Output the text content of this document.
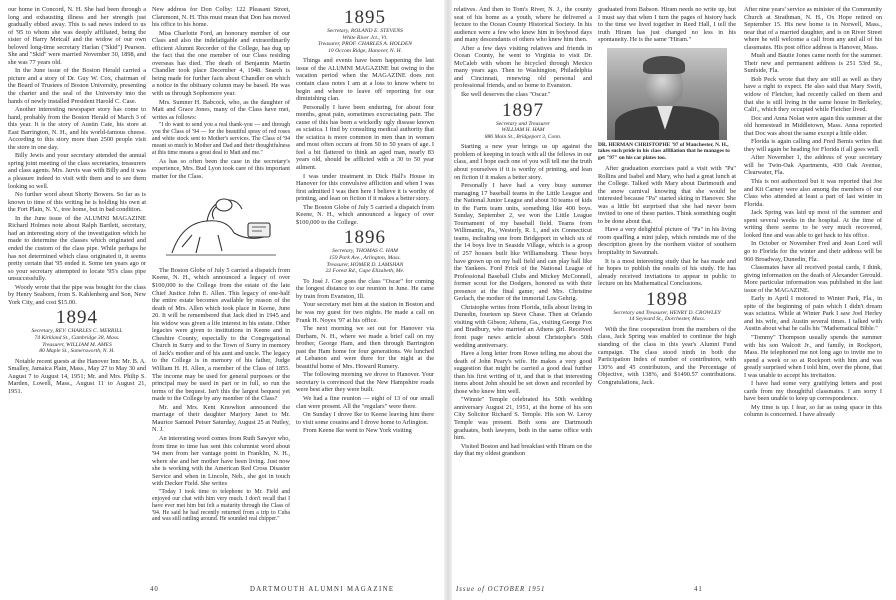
our home in Concord, N. H. She had been through a long and exhausting illness and her strength just gradually ebbed away. This is sad news indeed to us of '95 to whom she was deeply affiliated, being the sister of Harry Metcalf and the widow of our own beloved long-time secretary Harlan ("Skid") Pearson. She and "Skid" were married November 30, 1898, and she was 77 years old.

In the June issue of the Boston Herald carried a picture and a story of Dr. Guy W. Cox, chairman of the Board of Trustees of Boston University, presenting the charter and the seal of the University into the hands of newly installed President Harold C. Case.

Another interesting newspaper story has come to hand, probably from the Boston Herald of March 3 of this year. It is the story of Austin Cate, his store at East Barrington, N. H., and his world-famous cheese. According to this story more than 2500 people visit the store in one day.

Billy Jewis and your secretary attended the annual spring joint meeting of the class secretaries, treasurers and class agents. Mrs. Jarvis was with Billy and it was a pleasure indeed to visit with them and to see them looking so well.

No further word about Shorty Bowers. So far as is known to time of this writing he is holding his own at the Fort Plain, N. Y., tree home, but in bad condition.

In the June issue of the ALUMNI MAGAZINE Richard Holmes note about Ralph Bartlett, secretary, had an interesting story of the investigation which he made to determine the classes which originated and ended the custom of the class pipe. While perhaps he has not determined which class originated it, it seems pretty certain that '95 ended it. Some ten years ago or so your secretary attempted to locate '95's class pipe unsuccessfully.

Woody wrote that the pipe was bought for the class by Henry Seaborn, from S. Kahlenberg and Son, New York City, and cost $15.00.

1894
Secretary, REV. CHARLES C. MERRILL
74 Kirkland St., Cambridge 38, Mass.
Treasurer, WILLIAM M. AMES
80 Maple St., Somersworth, N. H.

Notable recent guests at the Hanover Inn: Mr. B. A. Smalley, Jamaica Plain, Mass., May 27 to May 30 and August 7 to August 14, 1951; Mr. and Mrs. Philip S. Marden, Lowell, Mass., August 11 to August 21, 1951.

New address for Don Colby: 122 Pleasant Street, Claremont, N. H. This must mean that Don has moved his office to his home.

Miss Charlotte Ford, an honorary member of our Class and also the indefatigable and extraordinarily efficient Alumni Recorder of the College, has dug up the fact that the one member of our Class residing overseas has died. The death of Benjamin Martin Chandler took place December 4, 1948. Search is being made for further facts about Chandler on which a notice in the obituary column may be based. He was with us through Sophomore year.

Mrs. Sumner H. Babcock, who, as the daughter of Matt and Grace Jones, many of the Class have met, writes as follows:

"I do want to send you a real thank-you — and through you the Class of '94 — for the beautiful spray of red roses and white stock sent to Mother's services. The Class of '94 meant so much to Mother and Dad and their thoughtfulness at this time means a great deal to Matt and me."

As has so often been the case in the secretary's experience, Mrs. Bud Lyon took care of this important matter for the Class.

The Boston Globe of July 5 carried a dispatch from Keene, N. H., which announced a legacy of over $100,000 to the College from the estate of the late Chief Justice John E. Allen. This legacy of one-half the entire estate becomes available by reason of the death of Mrs. Allen which took place in Keene, June 20. It will be remembered that Jack died in 1945 and his widow was given a life interest in his estate. Other legacies were given to institutions in Keene and in Cheshire County, especially to the Congregational Church in Surry and to the Town of Surry in memory of Jack's mother and of his aunt and uncle. The legacy to the College is in memory of his father, Judge William H. H. Allen, a member of the Class of 1855. The income may be used for general purposes or the principal may be used in part or in full, so run the terms of the bequest. Isn't this the largest bequest yet made to the College by any member of the Class?

Mr. and Mrs. Kent Knowlton announced the marriage of their daughter Marjory Janet to Mr. Maurice Samuel Peiser Saturday, August 25 at Nutley, N. J.

An interesting word comes from Ruth Sawyer who, from time to time has sent this columnist word about '94 men from her vantage point in Franklin, N. H., where she and her mother have been living. Just now she is working with the American Red Cross Disaster Service and when in Lincoln, Neb., she got in touch with Decker Field. She writes

"Today I took time to telephone to Mr. Field and enjoyed our chat with him very much. I don't recall that I have ever met him but felt a maturity through the Class of '94. He said he had recently returned from a trip to Cuba and was still rattling around. He sounded real chipper."

1895
Secretary, ROLAND E. STEVENS
White River Jct., Vt.
Treasurer, PROF. CHARLES A. HOLDEN
10 Occom Ridge, Hanover, N. H.

Things and events have been happening the last issue of the ALUMNI MAGAZINE but owing to the vacation period when the MAGAZINE does not contain class notes I am at a loss to know where to begin and where to leave off reporting for our diminishing clan.

Personally I have been enduring, for about four months, great pain, sometimes excruciating pain. The cause of this has been a wickedly ugly disease known as sciatica. I find by consulting medical authority that the sciatica is more common in men than in women and most often occurs at from 50 to 50 years of age. I feel a bit flattered to think an aged man, nearly 83 years old, should be afflicted with a 30 to 50 year ailment.

I was under treatment in Dick Hall's House in Hanover for this convulsive affliction and when I was first admitted I was then here I believe it is worthy of printing, and lean on fiction if it makes a better story.

The Boston Globe of July 5 carried a dispatch from Keene, N. H., which announced a legacy of over $100,000 to the College.

1896
Secretary, THOMAS C. HAM
159 Park Ave., Arlington, Mass.
Treasurer, HOMER D. LAMSHAN
22 Forest Rd., Cape Elizabeth, Me.

To José J. Coe goes the class "Oscar" for coming the longest distance to our reunion in June. He came by train from Evanston, Ill.

Your secretary met him at the station in Boston and he was my guest for two nights. He made a call on Frank H. Noyes '97 at his office.

The next morning we set out for Hanover via Durham, N. H., where we made a brief call on my brother, George Ham, and then through Barrington past the Ham home for four generations. We lunched at Lebanon and were there for the night at the beautiful home of Mrs. Howard Rumery.

The following morning we drove to Hanover. Your secretary is convinced that the New Hampshire roads were best after they were built.

We had a fine reunion — eight of 13 of our small clan were present. All the "regulars" were there.

On Sunday I drove Ike to Keene leaving him there to visit some cousins and I drove home to Arlington.

From Keene Ike went to New York visiting

40	DARTMOUTH ALUMNI MAGAZINE

relatives. And then to Tom's River, N. J., the county seat of his home as a youth, where he delivered a lecture to the Ocean County Historical Society. In his audience were a few who knew him in boyhood days and many descendants of others who knew him then.

After a few days visiting relatives and friends in Ocean County, he went to Virginia to visit Dr. McCaleb with whom he bicycled through Mexico many years ago. Then to Washington, Philadelphia and Cincinnati, renewing old personal and professional friends, and so home to Evanston.

Ike well deserves the class "Oscar."

1897
Secretary and Treasurer
WILLIAM H. HAM
886 Main St., Bridgeport 3, Conn.

Starting a new year brings us up against the problem of keeping in touch with all the fellows in our class, and I hope each one of you will tell me the truth about yourselves if it is worthy of printing, and lean on fiction if it makes a better story.

Personally I have had a very busy summer managing 17 baseball teams in the Little League and the National Junior League and about 30 teams of kids in the Farm team units, something like 400 boys. Sunday, September 2, we won the Little League Tournament of my baseball field. Teams from Willimantic, Pa., Westerly, R. I., and six Connecticut teams, including one from Bridgeport in which six of the 14 boys live in Seaside Village, which is a group of 257 houses built like Williamsburg. These boys have grown up on my ball field and can play ball like the Yankees. Ford Frick of the National League of Professional Baseball Clubs and Mickey McConnell, former scout for the Dodgers, honored us with their presence at the final game; and Mrs. Christine Gerlach, the mother of the immortal Lou Gehrig.

Christophe writes from Florida, tells about living in Dunedin, fourteen up Steve Chase. Then at Orlando visiting with Gibson; Athens, Ga., visiting George Fox and Bradbury, who married an Athens girl. Received front page news article about Christophe's 50th wedding anniversary.

Have a long letter from Rowe telling me about the death of John Peary's wife. He makes a very good suggestion that might be carried a good deal further than his first writing of it, and that is that interesting items about John should be set down and recorded by those who knew him well.

"Winnie" Temple celebrated his 50th wedding anniversary August 21, 1951, at the home of his son City Solicitor Richard S. Temple. His son W. Leroy Temple was present. Both sons are Dartmouth graduates, both lawyers, both in the same office with him.

Visited Boston and had breakfast with Hiram on the day that my oldest grandson

graduated from Babson. Hiram needs no write up, but I must say that when I turn the pages of history back to the time we lived together in Reed Hall, I tell the truth Hiram has just changed no less in his spontaneity. He is the same "Hiram."

DR. HERMAN CHRISTOPHE '97 of Manchester, N. H., takes such pride in his class affiliation that he manages to get "97" on his car plates too.

After graduation exercises paid a visit with "Pa" Rollins and Isabel and Mary, who had a great lunch at the College. Talked with Mary about Dartmouth and the snow carnival knowing that she would be interested because "Pa" started skiing in Hanover. She was a little bit surprised that she had never been invited to one of these parties. Think something ought to be done about that.

Have a very delightful picture of "Pa" in his living room quaffing a mint julep, which reminds me of the description given by the northern visitor of southern hospitality in Savannah.

It is a most interesting study that he has made and he hopes to publish the results of his study. He has already received invitations to appear in public to lecture on his Mathematical Conclusions.

1898
Secretary and Treasurer, HENRY D. CROWLEY
14 Seyward St., Dorchester, Mass.

With the fine cooperation from the members of the class, Jack Spring was enabled to continue the high standing of the class in this year's Alumni Fund campaign. The class stood ninth in both the Participation Index of number of contributors, with 130% and 45 contributors, and the Percentage of Objective, with 138%, and $1490.57 contributions. Congratulations, Jack.

After nine years' service as minister of the Community Church at Strathman, N. H., Ox Hope retired on September 15. His new home is in Norwell, Mass., near that of a married daughter, and is on River Street where he will welcome a call from any and all of his classmates. His post office address is Hanover, Mass.

Mush and Bautie Jones came north for the summer. Their new and permanent address is 251 53rd St., Sunfside, Fla.

Bob Peck wrote that they are still as well as they have a right to expect. He also said that Mary Swift, widow of Fletcher, had recently called on them and that she is still living in the same house in Berkeley, Calif., which they occupied while Fletcher lived.

Doc and Anna Nolan were again this summer at the old homestead in Middletown, Mass. Anna reported that Doc was about the same except a little older.

Florida is again calling and Fred Bemis writes that they will again be heading for Florida if all goes well.

After November 1, the address of your secretary will be Twin-Oak Apartments, 430 Oak Avenue, Clearwater, Fla.

This is not authorized but it was reported that Joe and Kit Carney were also among the members of our Class who attended at least a part of last winter in Florida.

Jack Spring was laid up most of the summer and spent several weeks in the hospital. At the time of writing there seems to be very much recovered, looked fine and was able to get back to his office.

In October or November Fred and Jean Lord will go to Florida for the winter and their address will be 960 Broadway, Dunedin, Fla.

Classmates have all received postal cards, I think, giving information on the death of Alexander Gerould. More particular information was published in the last issue of the MAGAZINE.

Early in April I motored to Winter Park, Fla., in spite of the beginning of pain which I didn't dream was sciatica. While at Winter Park I saw Joel Herley and his wife, and Austin several times. I talked with Austin about what he calls his "Mathematical Bible."

"Tommy" Thompson usually spends the summer with his son Walcott Jr., and family, in Rockport, Mass. He telephoned me not long ago to invite me to spend a week or so at Rockport with him and was greatly surprised when I told him, over the phone, that I was unable to accept his invitation.

I have had some very gratifying letters and post cards from my thoughtful classmates. I am sorry I have been unable to keep up correspondence.

My time is up. I fear, so far as using space in this column is concerned. I have already

Issue of OCTOBER 1951	41
